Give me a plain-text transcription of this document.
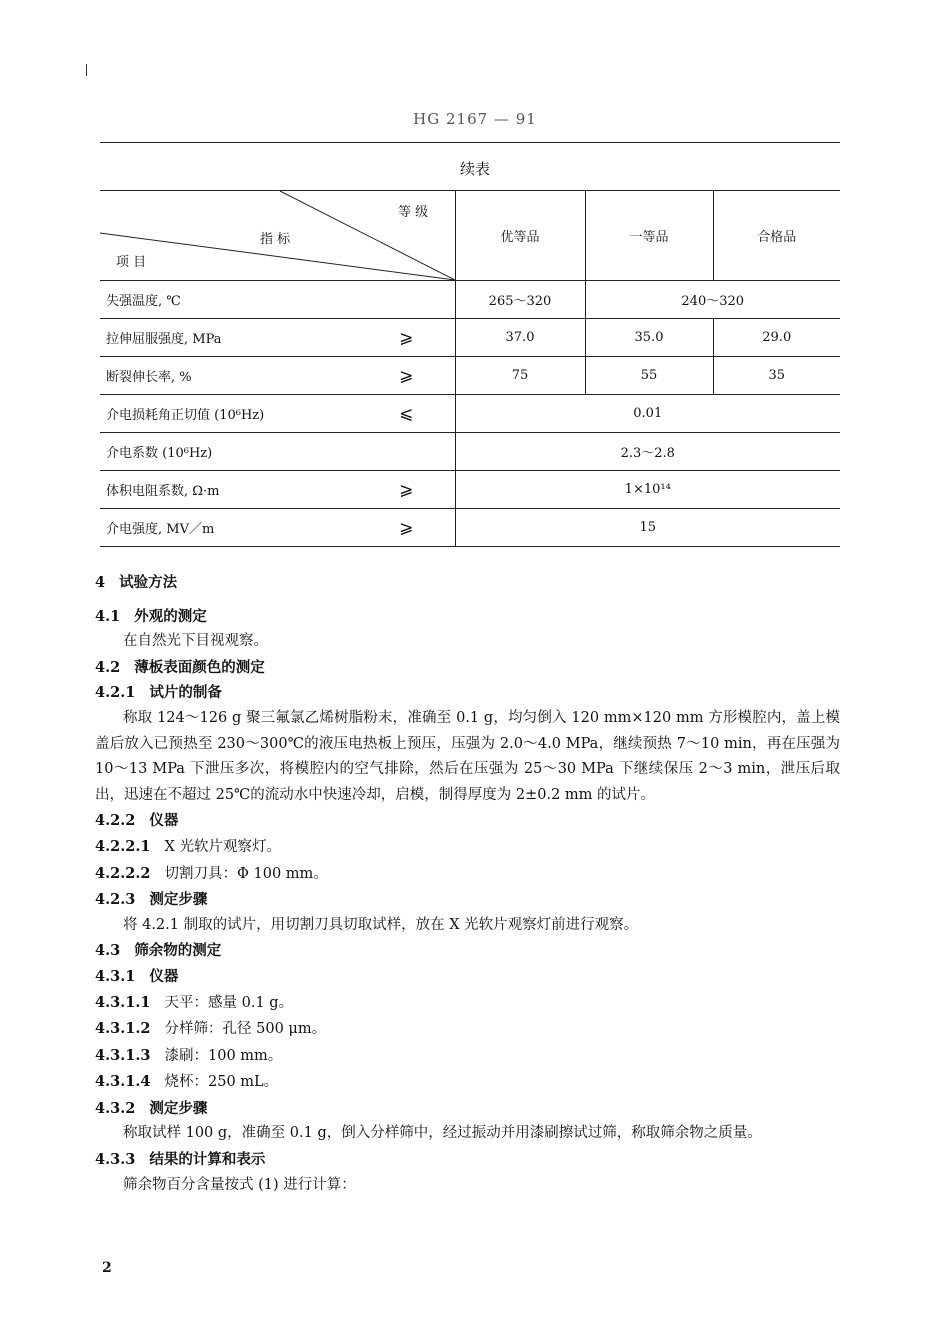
HG 2167 — 91
续表
等 级
指 标
项 目		优等品	一等品	合格品
失强温度, ℃		265～320	240～320	
拉伸屈服强度, MPa	⩾	37.0	35.0	29.0
断裂伸长率, %	⩾	75	55	35
介电损耗角正切值 (10⁶Hz)	⩽	0.01		
介电系数 (10⁶Hz)		2.3～2.8		
体积电阻系数, Ω·m	⩾	1×10¹⁴		
介电强度, MV／m	⩾	15		
4 试验方法
4.1 外观的测定
在自然光下目视观察。
4.2 薄板表面颜色的测定
4.2.1 试片的制备
称取 124～126 g 聚三氟氯乙烯树脂粉末，准确至 0.1 g，均匀倒入 120 mm×120 mm 方形模腔内，盖上模盖后放入已预热至 230～300℃的液压电热板上预压，压强为 2.0～4.0 MPa，继续预热 7～10 min，再在压强为 10～13 MPa 下泄压多次，将模腔内的空气排除，然后在压强为 25～30 MPa 下继续保压 2～3 min，泄压后取出，迅速在不超过 25℃的流动水中快速冷却，启模，制得厚度为 2±0.2 mm 的试片。
4.2.2 仪器
4.2.2.1 X 光软片观察灯。
4.2.2.2 切割刀具：Φ 100 mm。
4.2.3 测定步骤
将 4.2.1 制取的试片，用切割刀具切取试样，放在 X 光软片观察灯前进行观察。
4.3 筛余物的测定
4.3.1 仪器
4.3.1.1 天平：感量 0.1 g。
4.3.1.2 分样筛：孔径 500 μm。
4.3.1.3 漆刷：100 mm。
4.3.1.4 烧杯：250 mL。
4.3.2 测定步骤
称取试样 100 g，准确至 0.1 g，倒入分样筛中，经过振动并用漆刷擦试过筛，称取筛余物之质量。
4.3.3 结果的计算和表示
筛余物百分含量按式 (1) 进行计算：
2
